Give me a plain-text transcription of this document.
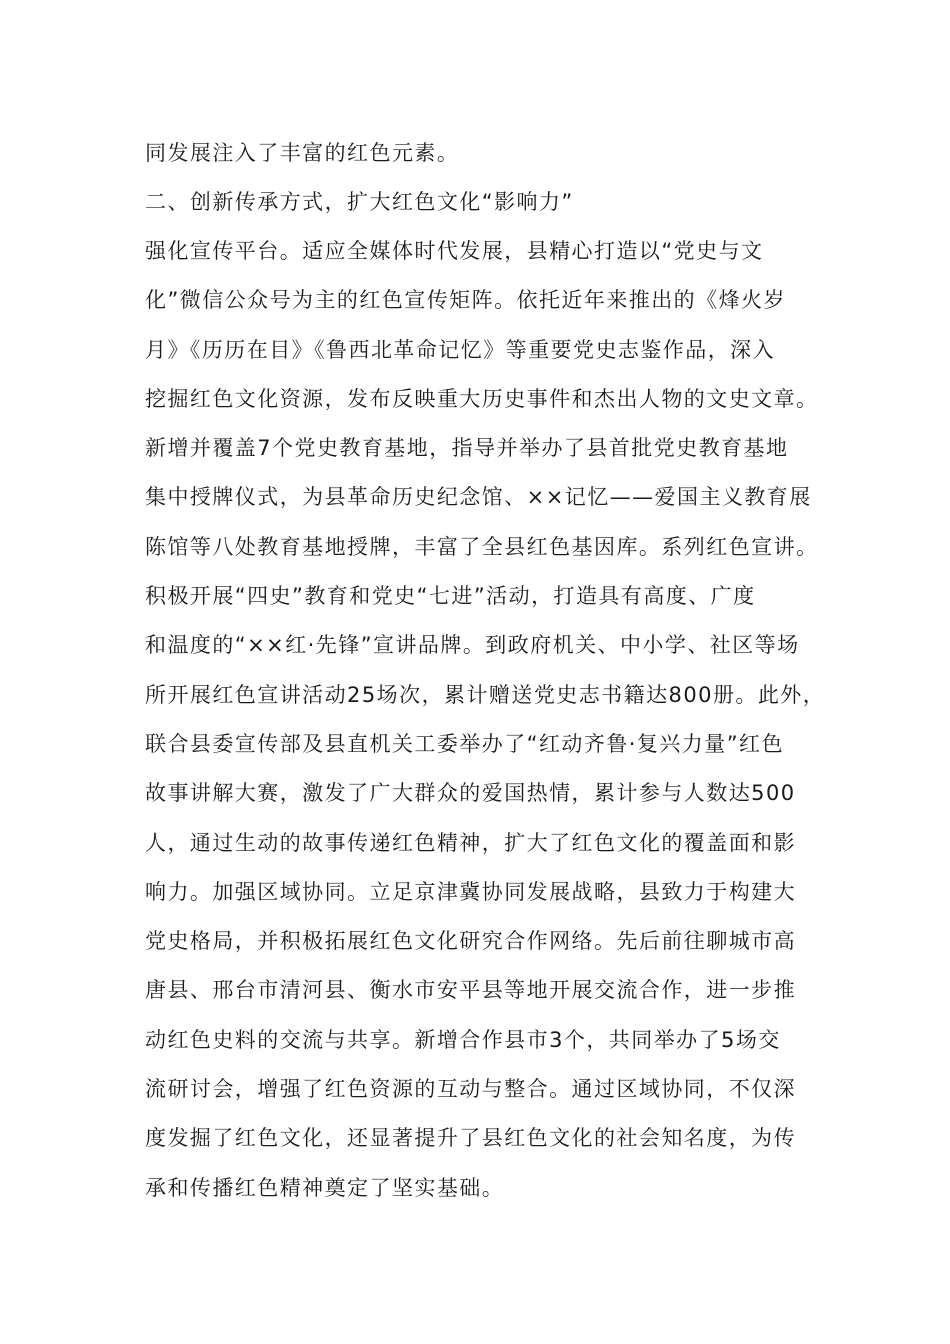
同发展注入了丰富的红色元素。
二、创新传承方式，扩大红色文化“影响力”
强化宣传平台。适应全媒体时代发展，县精心打造以“党史与文
化”微信公众号为主的红色宣传矩阵。依托近年来推出的《烽火岁
月》《历历在目》《鲁西北革命记忆》等重要党史志鉴作品，深入
挖掘红色文化资源，发布反映重大历史事件和杰出人物的文史文章。
新增并覆盖7个党史教育基地，指导并举办了县首批党史教育基地
集中授牌仪式，为县革命历史纪念馆、××记忆——爱国主义教育展
陈馆等八处教育基地授牌，丰富了全县红色基因库。系列红色宣讲。
积极开展“四史”教育和党史“七进”活动，打造具有高度、广度
和温度的“××红·先锋”宣讲品牌。到政府机关、中小学、社区等场
所开展红色宣讲活动25场次，累计赠送党史志书籍达800册。此外，
联合县委宣传部及县直机关工委举办了“红动齐鲁·复兴力量”红色
故事讲解大赛，激发了广大群众的爱国热情，累计参与人数达500
人，通过生动的故事传递红色精神，扩大了红色文化的覆盖面和影
响力。加强区域协同。立足京津冀协同发展战略，县致力于构建大
党史格局，并积极拓展红色文化研究合作网络。先后前往聊城市高
唐县、邢台市清河县、衡水市安平县等地开展交流合作，进一步推
动红色史料的交流与共享。新增合作县市3个，共同举办了5场交
流研讨会，增强了红色资源的互动与整合。通过区域协同，不仅深
度发掘了红色文化，还显著提升了县红色文化的社会知名度，为传
承和传播红色精神奠定了坚实基础。
